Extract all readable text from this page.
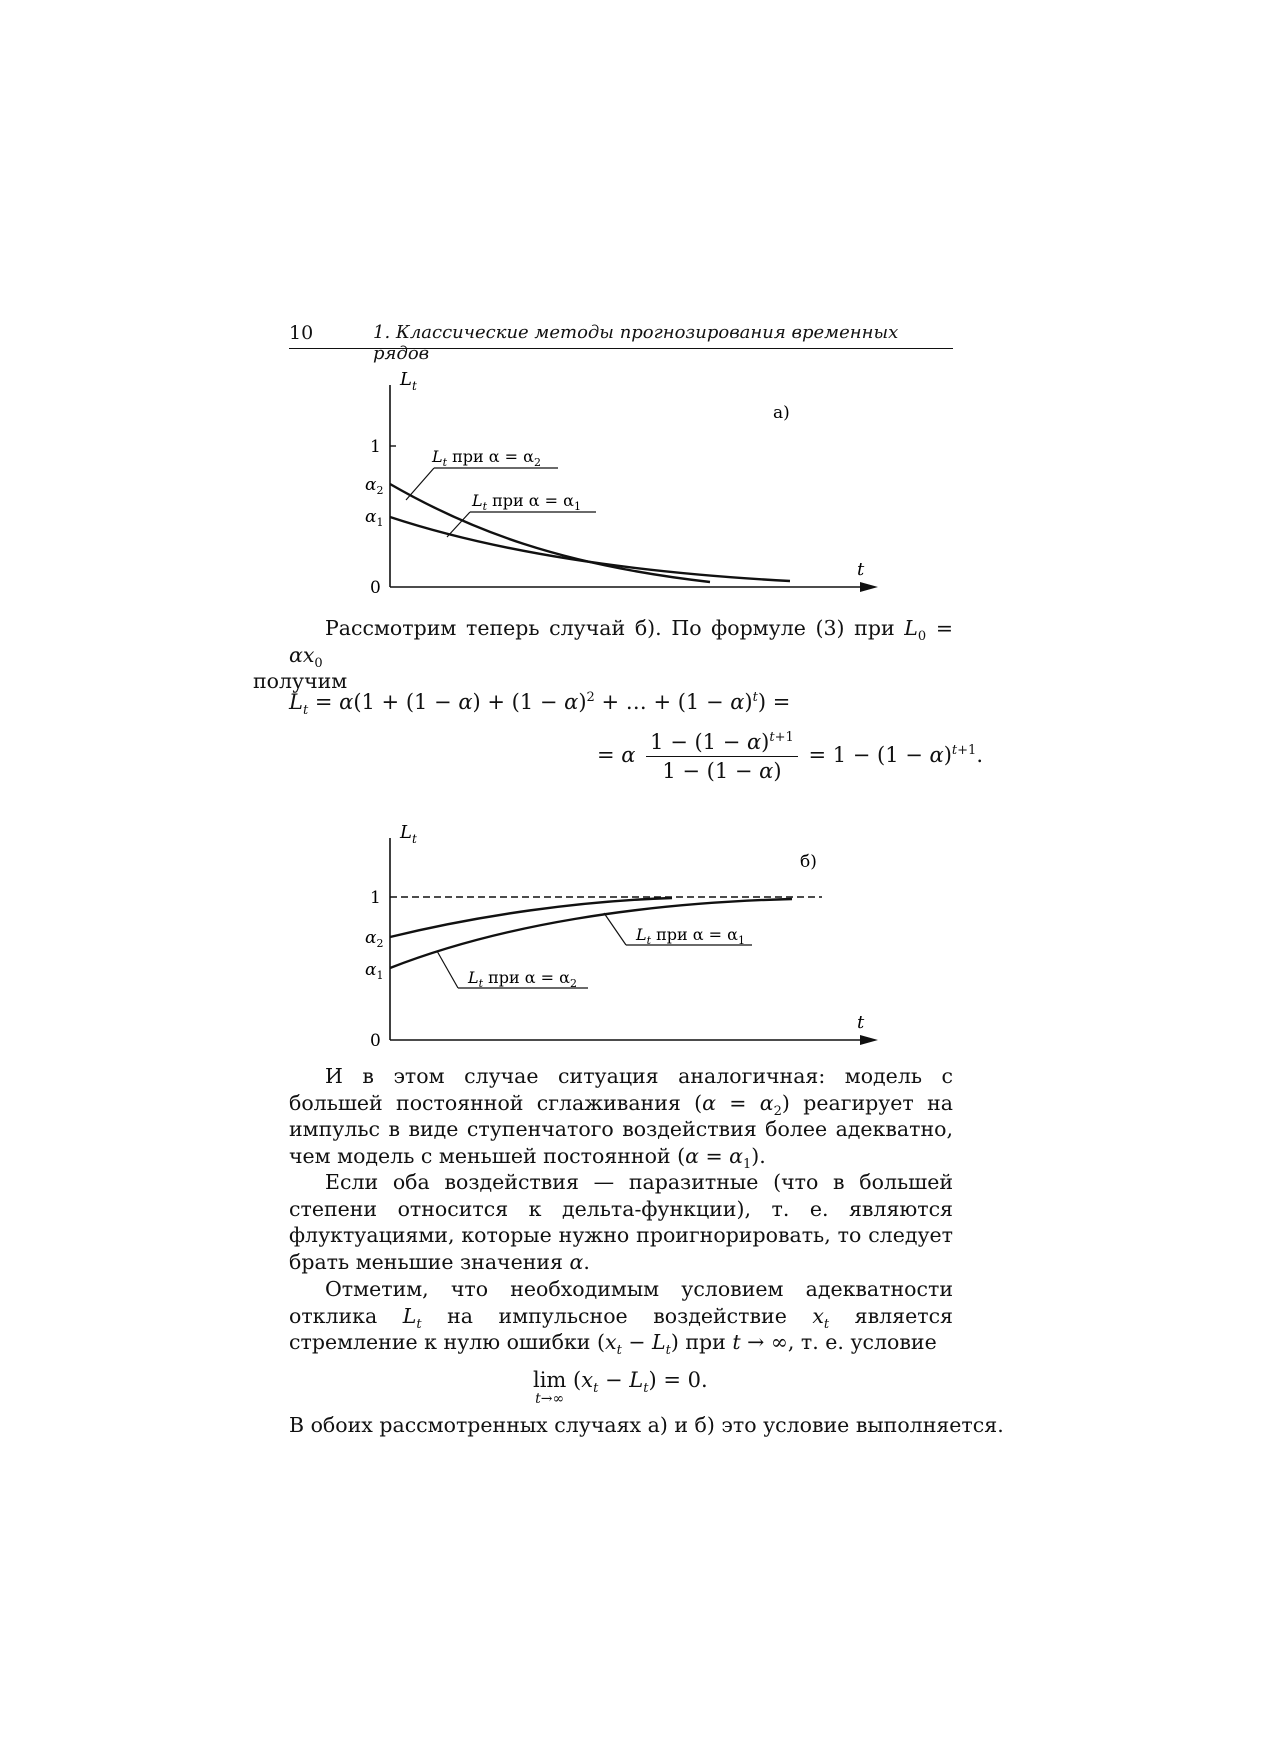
10	1. Классические методы прогнозирования временных рядов
$L_t$
t
а)
1
0
$\alpha_2$
$\alpha_1$
$L_t$ при $\alpha = \alpha_2$
$L_t$ при $\alpha = \alpha_1$
Рассмотрим теперь случай б). По формуле (3) при $L_0 = \alpha x_0$
получим
$L_t = \alpha(1 + (1 - \alpha) + (1 - \alpha)^2$ + … + $(1 - \alpha)^t$) =
= α $\frac{1 - (1 - \alpha)^{t+1}}{1 - (1 - \alpha)} = 1 - (1 - \alpha)^{t+1}$.
$L_t$
t
б)
1
0
$\alpha_2$
$\alpha_1$
$L_t$ при $\alpha = \alpha_1$
$L_t$ при $\alpha = \alpha_2$
И в этом случае ситуация аналогичная: модель с большей постоянной сглаживания $(\alpha = \alpha_2)$ реагирует на импульс в виде ступенчатого воздействия более адекватно, чем модель с меньшей постоянной $(\alpha = \alpha_1)$.
Если оба воздействия — паразитные (что в большей степени относится к дельта-функции), т. е. являются флуктуациями, которые нужно проигнорировать, то следует брать меньшие значения α.
Отметим, что необходимым условием адекватности отклика $L_t$ на импульсное воздействие $x_t$ является стремление к нулю ошибки $(x_t - L_t)$ при t → ∞, т. е. условие
lim
t→∞
$(x_t - L_t) = 0$.
В обоих рассмотренных случаях а) и б) это условие выполняется.
